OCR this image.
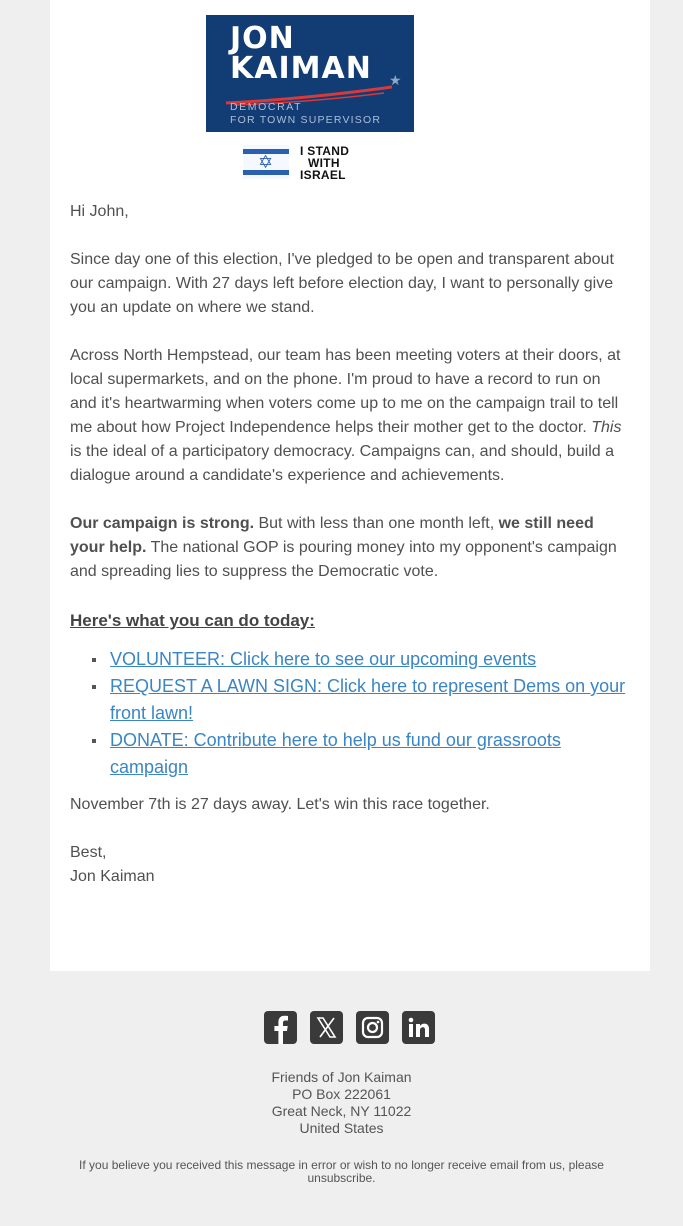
JON
KAIMAN ★
DEMOCRAT
FOR TOWN SUPERVISOR
✡
I STAND
WITH
ISRAEL

Hi John,

Since day one of this election, I've pledged to be open and transparent about our campaign. With 27 days left before election day, I want to personally give you an update on where we stand.

Across North Hempstead, our team has been meeting voters at their doors, at local supermarkets, and on the phone. I'm proud to have a record to run on and it's heartwarming when voters come up to me on the campaign trail to tell me about how Project Independence helps their mother get to the doctor. This is the ideal of a participatory democracy. Campaigns can, and should, build a dialogue around a candidate's experience and achievements.

Our campaign is strong. But with less than one month left, we still need your help. The national GOP is pouring money into my opponent's campaign and spreading lies to suppress the Democratic vote.

Here's what you can do today:
VOLUNTEER: Click here to see our upcoming events
REQUEST A LAWN SIGN: Click here to represent Dems on your front lawn!
DONATE: Contribute here to help us fund our grassroots campaign

November 7th is 27 days away. Let's win this race together.

Best,
Jon Kaiman
Friends of Jon Kaiman
PO Box 222061
Great Neck, NY 11022
United States
If you believe you received this message in error or wish to no longer receive email from us, please unsubscribe.
